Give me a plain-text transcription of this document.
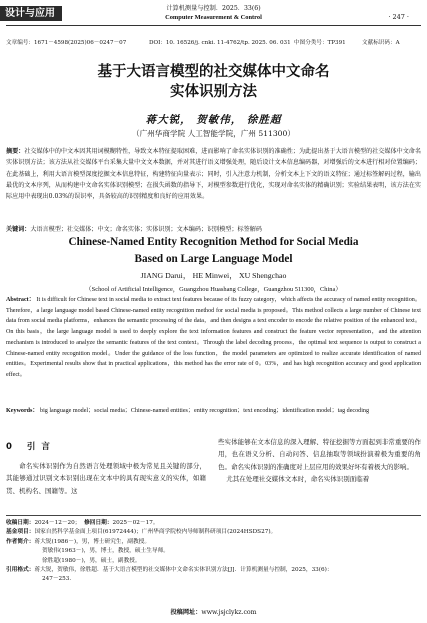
设计与应用	计算机测量与控制．2025．33(6)
Computer Measurement & Control	· 247 ·
文章编号：1671－4598(2025)06－0247－07	DOI：10. 16526/j. cnki. 11-4762/tp. 2025. 06. 031 中图分类号：TP391	文献标识码：A
基于大语言模型的社交媒体中文命名
实体识别方法
蒋大锐， 贺敏伟， 徐胜超
（广州华商学院 人工智能学院，广州 511300）
摘要：社交媒体中的中文本因其用词模糊特性，导致文本特征提取困难，进而影响了命名实体识别的准确性；为此提出基于大语言模型的社交媒体中文命名实体识别方法；该方法从社交媒体平台采集大量中文文本数据，并对其进行语义增强处理，随后设计文本信息编码器，对增强后的文本进行相对位置编码；在此基础上，利用大语言模型深度挖掘文本信息特征，构建特征向量表示；同时，引入注意力机制，分析文本上下文的语义特征；通过标签解码过程，输出最优的文本序列，从而构建中文命名实体识别模型；在损失函数的指导下，对模型参数进行优化，实现对命名实体的精确识别；实验结果表明，该方法在实际应用中表现出0.03%的误识率，具备较高的识别精度和良好的应用效果。
关键词：大语言模型；社交媒体；中文；命名实体；实体识别；文本编码；识别模型；标签解码
Chinese-Named Entity Recognition Method for Social Media
Based on Large Language Model
JIANG Darui， HE Minwei， XU Shengchao
（School of Artificial Intelligence，Guangzhou Huashang College，Guangzhou 511300，China）
Abstract： It is difficult for Chinese text in social media to extract text features because of its fuzzy category，which affects the accuracy of named entity recognition。Therefore，a large language model based Chinese-named entity recognition method for social media is proposed。This method collects a large number of Chinese text data from social media platforms，enhances the semantic processing of the data，and then designs a text encoder to encode the relative position of the enhanced text。On this basis，the large language model is used to deeply explore the text information features and construct the feature vector representation，and the attention mechanism is introduced to analyze the semantic features of the text context。Through the label decoding process，the optimal text sequence is output to construct a Chinese-named entity recognition model。Under the guidance of the loss function，the model parameters are optimized to realize accurate identification of named entities。Experimental results show that in practical applications，this method has the error rate of 0。03%，and has high recognition accuracy and good application effect。
Keywords： big language model；social media；Chinese-named entities；entity recognition；text encoding；identification model；tag decoding
0 引言
命名实体识别作为自然语言处理领域中极为常见且关键的部分，其能够通过识别文本识别出现在文本中的具有现实意义的实体，如籍贯、机构名、国籍等。这
些实体能够在文本信息的深入理解、特征挖掘等方面起到非常重要的作用，也在语义分析、自动问答、信息抽取等领域扮演着极为重要的角色。命名实体识别的准确度对上层应用的效果好坏有着极大的影响。
尤其在处理社交媒体文本时，命名实体识别面临着
收稿日期：2024－12－20； 修回日期：2025－02－17。
基金项目：国家自然科学基金面上项目(61972444)；广州华商学院校内导师制科研项目(2024HSDS27)。
作者简介：蒋大锐(1986－)，男，博士研究生，副教授。
贺敏伟(1963－)，男，博士，教授，硕士生导师。
徐胜超(1980－)，男，硕士，副教授。
引用格式：蒋大锐，贺敏伟，徐胜超．基于大语言模型的社交媒体中文命名实体识别方法[J]．计算机测量与控制，2025，33(6)：
247－253．
投稿网址：www.jsjclykz.com
